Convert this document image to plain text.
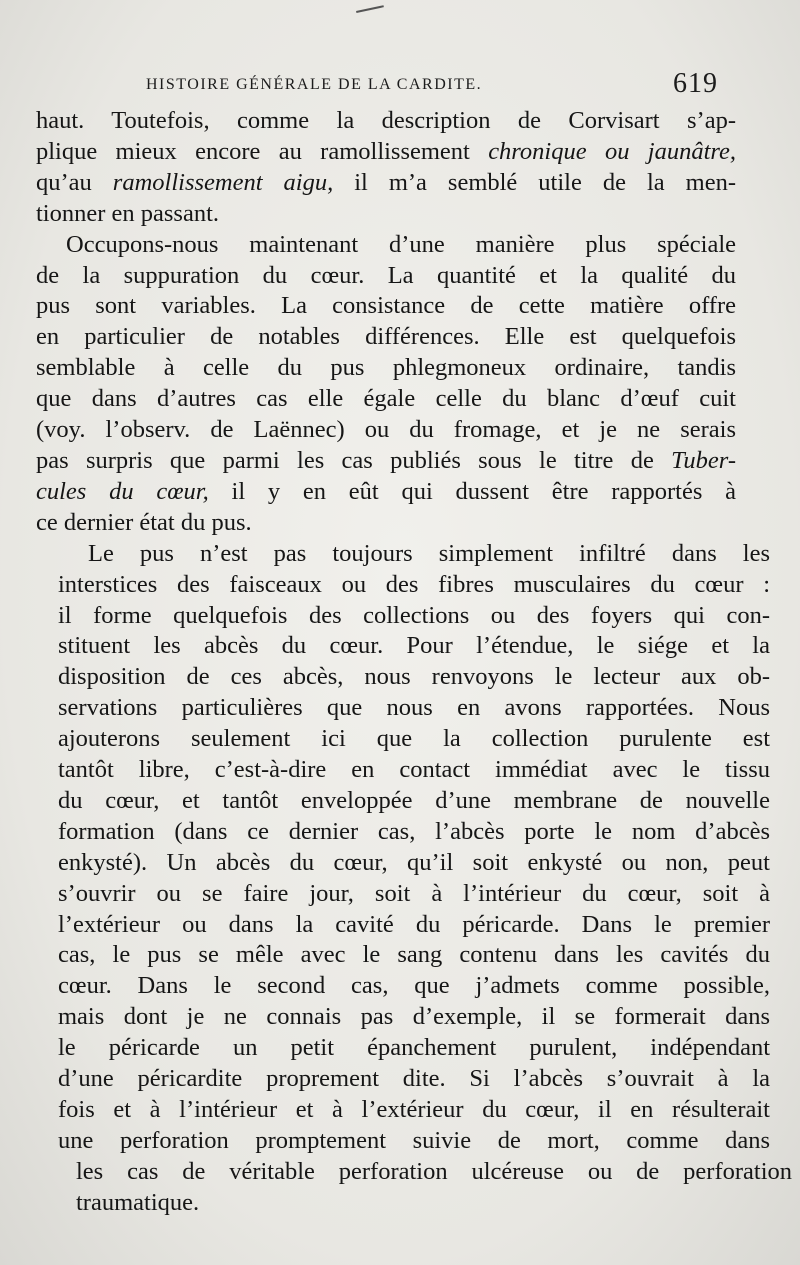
HISTOIRE GÉNÉRALE DE LA CARDITE.	619
haut. Toutefois, comme la description de Corvisart s’ap-
plique mieux encore au ramollissement chronique ou jaunâtre,
qu’au ramollissement aigu, il m’a semblé utile de la men-
tionner en passant.
Occupons-nous maintenant d’une manière plus spéciale
de la suppuration du cœur. La quantité et la qualité du
pus sont variables. La consistance de cette matière offre
en particulier de notables différences. Elle est quelquefois
semblable à celle du pus phlegmoneux ordinaire, tandis
que dans d’autres cas elle égale celle du blanc d’œuf cuit
(voy. l’observ. de Laënnec) ou du fromage, et je ne serais
pas surpris que parmi les cas publiés sous le titre de Tuber-
cules du cœur, il y en eût qui dussent être rapportés à
ce dernier état du pus.
Le pus n’est pas toujours simplement infiltré dans les
interstices des faisceaux ou des fibres musculaires du cœur :
il forme quelquefois des collections ou des foyers qui con-
stituent les abcès du cœur. Pour l’étendue, le siége et la
disposition de ces abcès, nous renvoyons le lecteur aux ob-
servations particulières que nous en avons rapportées. Nous
ajouterons seulement ici que la collection purulente est
tantôt libre, c’est-à-dire en contact immédiat avec le tissu
du cœur, et tantôt enveloppée d’une membrane de nouvelle
formation (dans ce dernier cas, l’abcès porte le nom d’abcès
enkysté). Un abcès du cœur, qu’il soit enkysté ou non, peut
s’ouvrir ou se faire jour, soit à l’intérieur du cœur, soit à
l’extérieur ou dans la cavité du péricarde. Dans le premier
cas, le pus se mêle avec le sang contenu dans les cavités du
cœur. Dans le second cas, que j’admets comme possible,
mais dont je ne connais pas d’exemple, il se formerait dans
le péricarde un petit épanchement purulent, indépendant
d’une péricardite proprement dite. Si l’abcès s’ouvrait à la
fois et à l’intérieur et à l’extérieur du cœur, il en résulterait
une perforation promptement suivie de mort, comme dans
les cas de véritable perforation ulcéreuse ou de perforation
traumatique.
